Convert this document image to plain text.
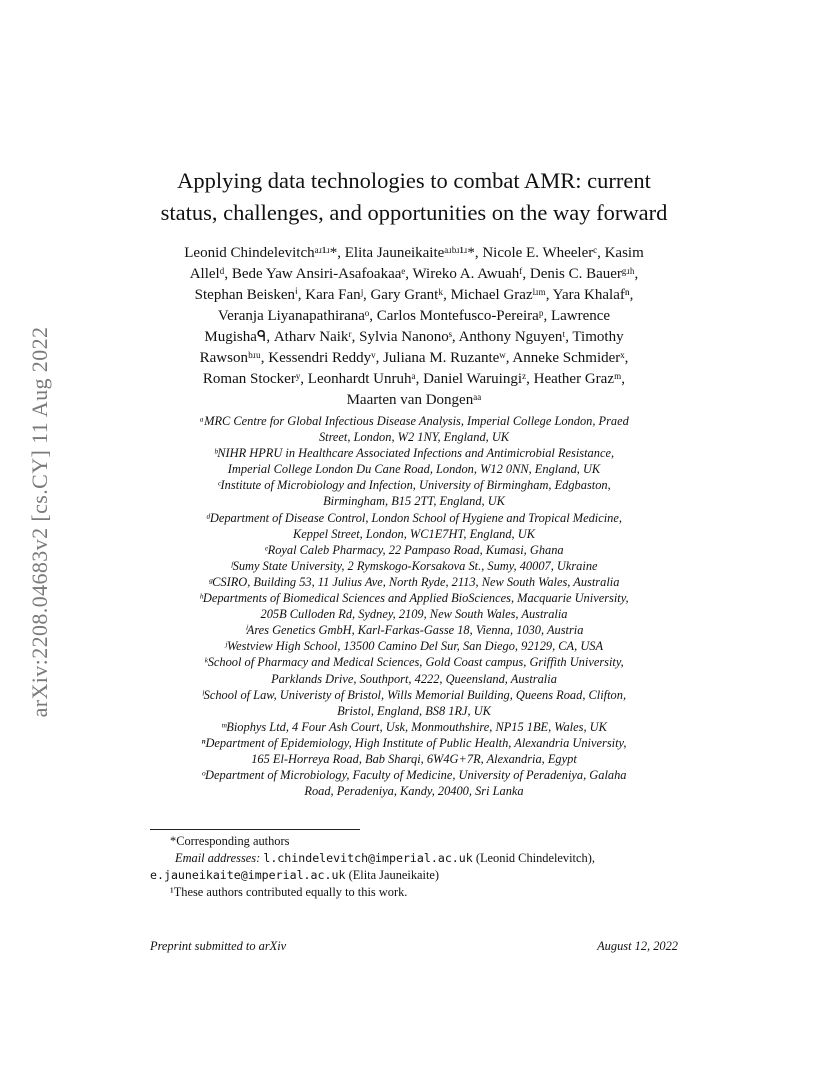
arXiv:2208.04683v2 [cs.CY] 11 Aug 2022
Applying data technologies to combat AMR: current
status, challenges, and opportunities on the way forward
Leonid Chindelevitchᵃʴ¹ʴ*, Elita Jauneikaiteᵃʴᵇʴ¹ʴ*, Nicole E. Wheelerᶜ, Kasim
Allelᵈ, Bede Yaw Ansiri-Asafoakaaᵉ, Wireko A. Awuahᶠ, Denis C. Bauerᵍʴʰ,
Stephan Beiskenⁱ, Kara Fanʲ, Gary Grantᵏ, Michael Grazˡʴᵐ, Yara Khalafⁿ,
Veranja Liyanapathiranaᵒ, Carlos Montefusco-Pereiraᵖ, Lawrence
Mugishaᑫ, Atharv Naikʳ, Sylvia Nanonoˢ, Anthony Nguyenᵗ, Timothy
Rawsonᵇʴᵘ, Kessendri Reddyᵛ, Juliana M. Ruzanteʷ, Anneke Schmiderˣ,
Roman Stockerʸ, Leonhardt Unruhᵃ, Daniel Waruingiᶻ, Heather Grazᵐ,
Maarten van Dongenᵃᵃ
ᵃMRC Centre for Global Infectious Disease Analysis, Imperial College London, Praed
Street, London, W2 1NY, England, UK
ᵇNIHR HPRU in Healthcare Associated Infections and Antimicrobial Resistance,
Imperial College London Du Cane Road, London, W12 0NN, England, UK
ᶜInstitute of Microbiology and Infection, University of Birmingham, Edgbaston,
Birmingham, B15 2TT, England, UK
ᵈDepartment of Disease Control, London School of Hygiene and Tropical Medicine,
Keppel Street, London, WC1E7HT, England, UK
ᵉRoyal Caleb Pharmacy, 22 Pampaso Road, Kumasi, Ghana
ᶠSumy State University, 2 Rymskogo-Korsakova St., Sumy, 40007, Ukraine
ᵍCSIRO, Building 53, 11 Julius Ave, North Ryde, 2113, New South Wales, Australia
ʰDepartments of Biomedical Sciences and Applied BioSciences, Macquarie University,
205B Culloden Rd, Sydney, 2109, New South Wales, Australia
ⁱAres Genetics GmbH, Karl-Farkas-Gasse 18, Vienna, 1030, Austria
ʲWestview High School, 13500 Camino Del Sur, San Diego, 92129, CA, USA
ᵏSchool of Pharmacy and Medical Sciences, Gold Coast campus, Griffith University,
Parklands Drive, Southport, 4222, Queensland, Australia
ˡSchool of Law, Univeristy of Bristol, Wills Memorial Building, Queens Road, Clifton,
Bristol, England, BS8 1RJ, UK
ᵐBiophys Ltd, 4 Four Ash Court, Usk, Monmouthshire, NP15 1BE, Wales, UK
ⁿDepartment of Epidemiology, High Institute of Public Health, Alexandria University,
165 El-Horreya Road, Bab Sharqi, 6W4G+7R, Alexandria, Egypt
ᵒDepartment of Microbiology, Faculty of Medicine, University of Peradeniya, Galaha
Road, Peradeniya, Kandy, 20400, Sri Lanka
*Corresponding authors
Email addresses: l.chindelevitch@imperial.ac.uk (Leonid Chindelevitch),
e.jauneikaite@imperial.ac.uk (Elita Jauneikaite)
¹These authors contributed equally to this work.
Preprint submitted to arXiv	August 12, 2022
